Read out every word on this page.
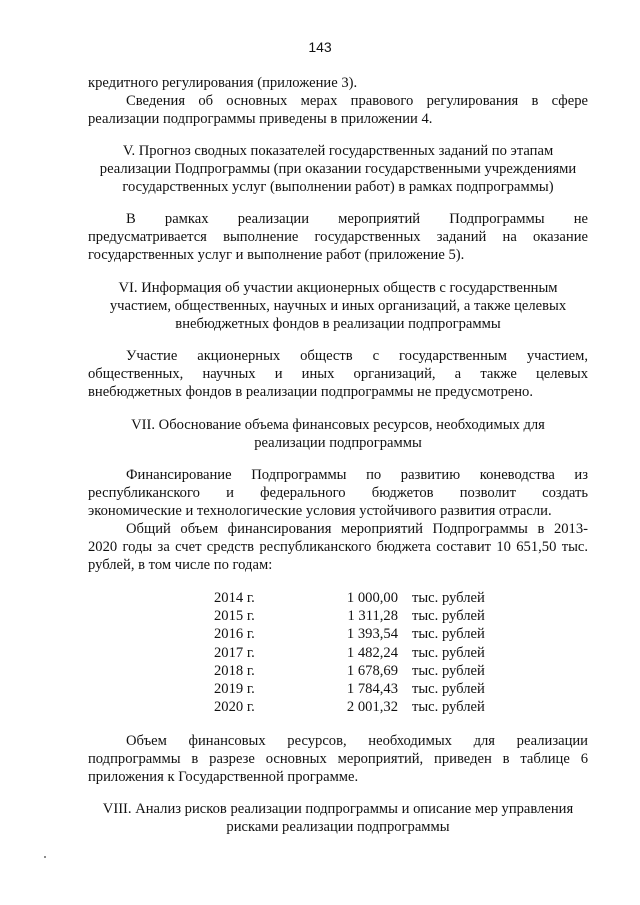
143
кредитного регулирования (приложение 3).
Сведения об основных мерах правового регулирования в сфере
реализации подпрограммы приведены в приложении 4.
V. Прогноз сводных показателей государственных заданий по этапам
реализации Подпрограммы (при оказании государственными учреждениями
государственных услуг (выполнении работ) в рамках подпрограммы)
В рамках реализации мероприятий Подпрограммы не
предусматривается выполнение государственных заданий на оказание
государственных услуг и выполнение работ (приложение 5).
VI. Информация об участии акционерных обществ с государственным
участием, общественных, научных и иных организаций, а также целевых
внебюджетных фондов в реализации подпрограммы
Участие акционерных обществ с государственным участием,
общественных, научных и иных организаций, а также целевых
внебюджетных фондов в реализации подпрограммы не предусмотрено.
VII. Обоснование объема финансовых ресурсов, необходимых для
реализации подпрограммы
Финансирование Подпрограммы по развитию коневодства из
республиканского и федерального бюджетов позволит создать
экономические и технологические условия устойчивого развития отрасли.
Общий объем финансирования мероприятий Подпрограммы в 2013-
2020 годы за счет средств республиканского бюджета составит 10 651,50 тыс.
рублей, в том числе по годам:
2014 г.	1 000,00 тыс. рублей
2015 г.	1 311,28 тыс. рублей
2016 г.	1 393,54 тыс. рублей
2017 г.	1 482,24 тыс. рублей
2018 г.	1 678,69 тыс. рублей
2019 г.	1 784,43 тыс. рублей
2020 г.	2 001,32 тыс. рублей
Объем финансовых ресурсов, необходимых для реализации
подпрограммы в разрезе основных мероприятий, приведен в таблице 6
приложения к Государственной программе.
VIII. Анализ рисков реализации подпрограммы и описание мер управления
рисками реализации подпрограммы
